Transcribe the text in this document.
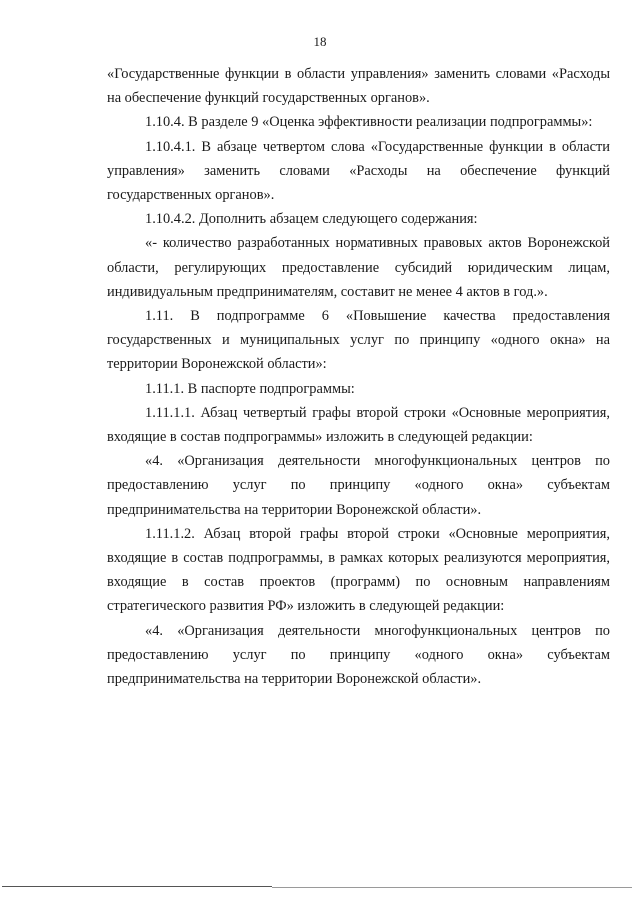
18

«Государственные функции в области управления» заменить словами «Расходы на обеспечение функций государственных органов».

1.10.4. В разделе 9 «Оценка эффективности реализации подпрограммы»:

1.10.4.1. В абзаце четвертом слова «Государственные функции в области управления» заменить словами «Расходы на обеспечение функций государственных органов».

1.10.4.2. Дополнить абзацем следующего содержания:

«- количество разработанных нормативных правовых актов Воронежской области, регулирующих предоставление субсидий юридическим лицам, индивидуальным предпринимателям, составит не менее 4 актов в год.».

1.11. В подпрограмме 6 «Повышение качества предоставления государственных и муниципальных услуг по принципу «одного окна» на территории Воронежской области»:

1.11.1. В паспорте подпрограммы:

1.11.1.1. Абзац четвертый графы второй строки «Основные мероприятия, входящие в состав подпрограммы» изложить в следующей редакции:

«4. «Организация деятельности многофункциональных центров по предоставлению услуг по принципу «одного окна» субъектам предпринимательства на территории Воронежской области».

1.11.1.2. Абзац второй графы второй строки «Основные мероприятия, входящие в состав подпрограммы, в рамках которых реализуются мероприятия, входящие в состав проектов (программ) по основным направлениям стратегического развития РФ» изложить в следующей редакции:

«4. «Организация деятельности многофункциональных центров по предоставлению услуг по принципу «одного окна» субъектам предпринимательства на территории Воронежской области».
